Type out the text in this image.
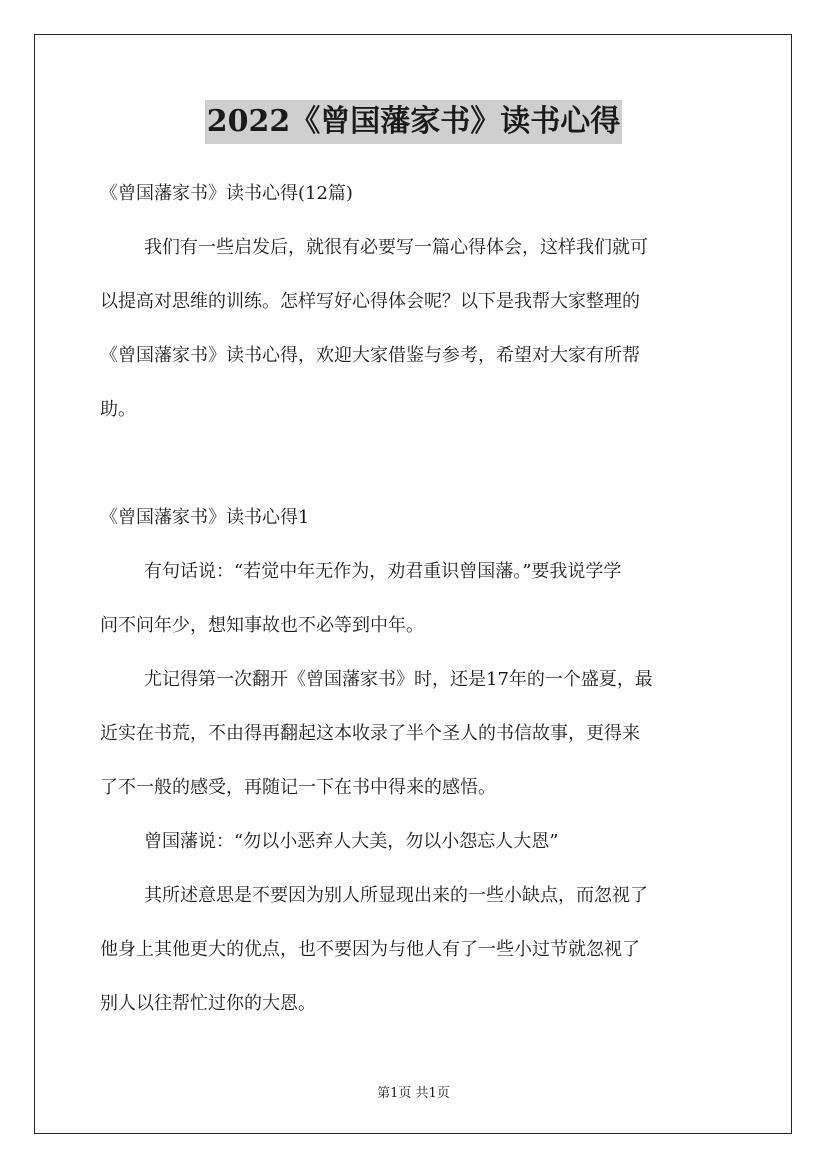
2022《曾国藩家书》读书心得
《曾国藩家书》读书心得(12篇)
我们有一些启发后，就很有必要写一篇心得体会，这样我们就可
以提高对思维的训练。怎样写好心得体会呢？以下是我帮大家整理的
《曾国藩家书》读书心得，欢迎大家借鉴与参考，希望对大家有所帮
助。
《曾国藩家书》读书心得1
有句话说：“若觉中年无作为，劝君重识曾国藩。”要我说学学
问不问年少，想知事故也不必等到中年。
尤记得第一次翻开《曾国藩家书》时，还是17年的一个盛夏，最
近实在书荒，不由得再翻起这本收录了半个圣人的书信故事，更得来
了不一般的感受，再随记一下在书中得来的感悟。
曾国藩说：“勿以小恶弃人大美，勿以小怨忘人大恩”
其所述意思是不要因为别人所显现出来的一些小缺点，而忽视了
他身上其他更大的优点，也不要因为与他人有了一些小过节就忽视了
别人以往帮忙过你的大恩。
第1页 共1页
